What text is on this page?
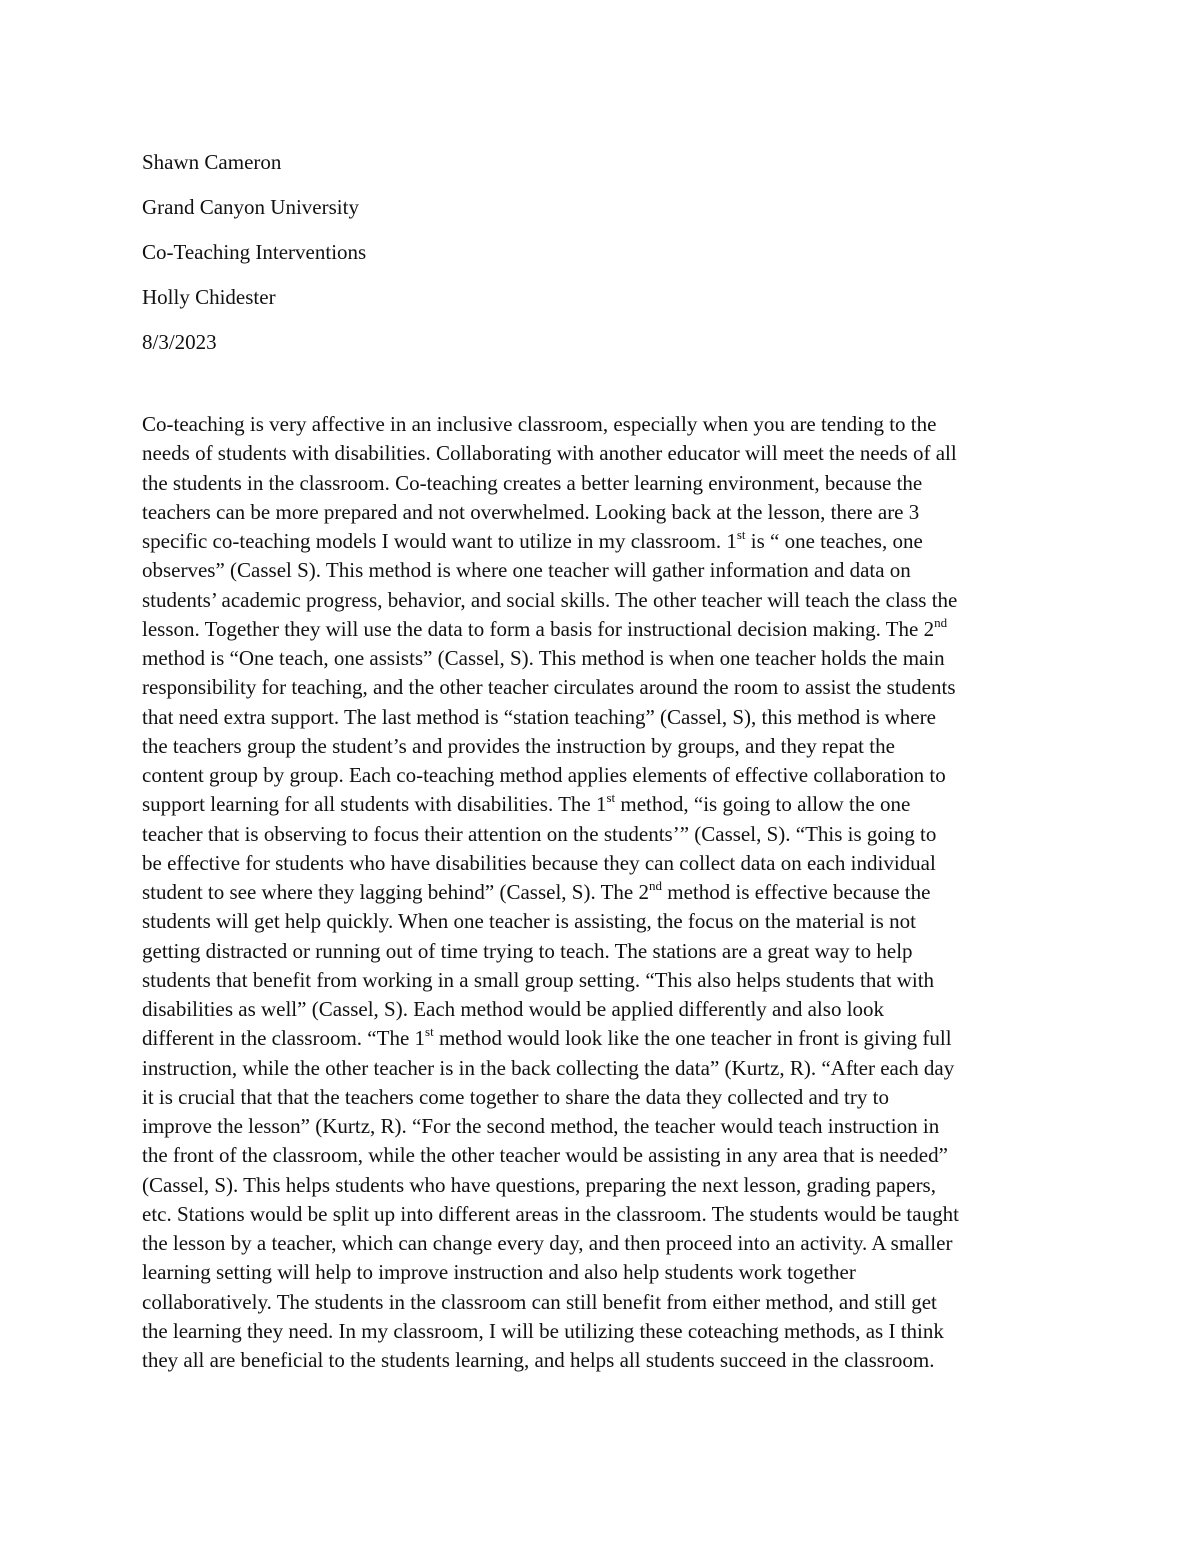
Shawn Cameron
Grand Canyon University
Co-Teaching Interventions
Holly Chidester
8/3/2023
Co-teaching is very affective in an inclusive classroom, especially when you are tending to the
needs of students with disabilities. Collaborating with another educator will meet the needs of all
the students in the classroom. Co-teaching creates a better learning environment, because the
teachers can be more prepared and not overwhelmed. Looking back at the lesson, there are 3
specific co-teaching models I would want to utilize in my classroom. 1st is “ one teaches, one
observes” (Cassel S). This method is where one teacher will gather information and data on
students’ academic progress, behavior, and social skills. The other teacher will teach the class the
lesson. Together they will use the data to form a basis for instructional decision making. The 2nd
method is “One teach, one assists” (Cassel, S). This method is when one teacher holds the main
responsibility for teaching, and the other teacher circulates around the room to assist the students
that need extra support. The last method is “station teaching” (Cassel, S), this method is where
the teachers group the student’s and provides the instruction by groups, and they repat the
content group by group. Each co-teaching method applies elements of effective collaboration to
support learning for all students with disabilities. The 1st method, “is going to allow the one
teacher that is observing to focus their attention on the students’” (Cassel, S). “This is going to
be effective for students who have disabilities because they can collect data on each individual
student to see where they lagging behind” (Cassel, S). The 2nd method is effective because the
students will get help quickly. When one teacher is assisting, the focus on the material is not
getting distracted or running out of time trying to teach. The stations are a great way to help
students that benefit from working in a small group setting. “This also helps students that with
disabilities as well” (Cassel, S). Each method would be applied differently and also look
different in the classroom. “The 1st method would look like the one teacher in front is giving full
instruction, while the other teacher is in the back collecting the data” (Kurtz, R). “After each day
it is crucial that that the teachers come together to share the data they collected and try to
improve the lesson” (Kurtz, R). “For the second method, the teacher would teach instruction in
the front of the classroom, while the other teacher would be assisting in any area that is needed”
(Cassel, S). This helps students who have questions, preparing the next lesson, grading papers,
etc. Stations would be split up into different areas in the classroom. The students would be taught
the lesson by a teacher, which can change every day, and then proceed into an activity. A smaller
learning setting will help to improve instruction and also help students work together
collaboratively. The students in the classroom can still benefit from either method, and still get
the learning they need. In my classroom, I will be utilizing these coteaching methods, as I think
they all are beneficial to the students learning, and helps all students succeed in the classroom.
